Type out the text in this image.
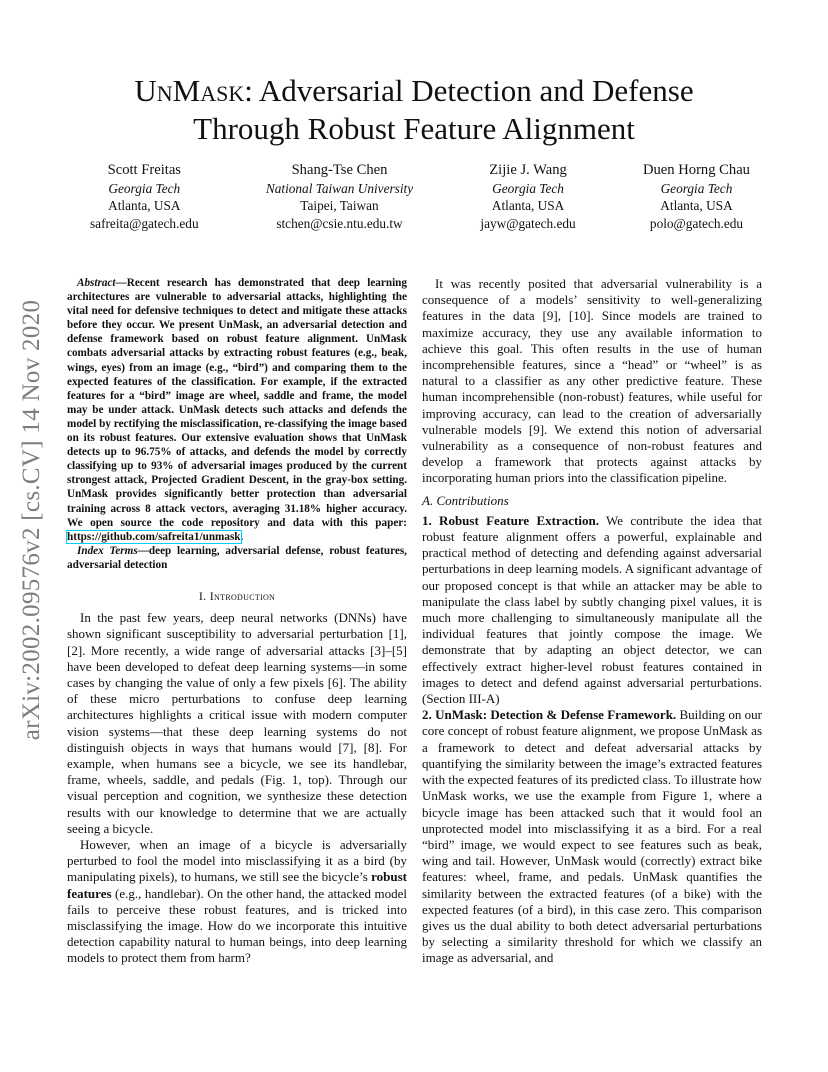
arXiv:2002.09576v2 [cs.CV] 14 Nov 2020
UnMask: Adversarial Detection and Defense
Through Robust Feature Alignment
Scott Freitas
Georgia Tech
Atlanta, USA
safreita@gatech.edu
Shang-Tse Chen
National Taiwan University
Taipei, Taiwan
stchen@csie.ntu.edu.tw
Zijie J. Wang
Georgia Tech
Atlanta, USA
jayw@gatech.edu
Duen Horng Chau
Georgia Tech
Atlanta, USA
polo@gatech.edu

Abstract—Recent research has demonstrated that deep learning architectures are vulnerable to adversarial attacks, highlighting the vital need for defensive techniques to detect and mitigate these attacks before they occur. We present UnMask, an adversarial detection and defense framework based on robust feature alignment. UnMask combats adversarial attacks by extracting robust features (e.g., beak, wings, eyes) from an image (e.g., “bird”) and comparing them to the expected features of the classification. For example, if the extracted features for a “bird” image are wheel, saddle and frame, the model may be under attack. UnMask detects such attacks and defends the model by rectifying the misclassification, re-classifying the image based on its robust features. Our extensive evaluation shows that UnMask detects up to 96.75% of attacks, and defends the model by correctly classifying up to 93% of adversarial images produced by the current strongest attack, Projected Gradient Descent, in the gray-box setting. UnMask provides significantly better protection than adversarial training across 8 attack vectors, averaging 31.18% higher accuracy. We open source the code repository and data with this paper: https://github.com/safreita1/unmask.

Index Terms—deep learning, adversarial defense, robust features, adversarial detection

I. Introduction

In the past few years, deep neural networks (DNNs) have shown significant susceptibility to adversarial perturbation [1], [2]. More recently, a wide range of adversarial attacks [3]–[5] have been developed to defeat deep learning systems—in some cases by changing the value of only a few pixels [6]. The ability of these micro perturbations to confuse deep learning architectures highlights a critical issue with modern computer vision systems—that these deep learning systems do not distinguish objects in ways that humans would [7], [8]. For example, when humans see a bicycle, we see its handlebar, frame, wheels, saddle, and pedals (Fig. 1, top). Through our visual perception and cognition, we synthesize these detection results with our knowledge to determine that we are actually seeing a bicycle.

However, when an image of a bicycle is adversarially perturbed to fool the model into misclassifying it as a bird (by manipulating pixels), to humans, we still see the bicycle’s robust features (e.g., handlebar). On the other hand, the attacked model fails to perceive these robust features, and is tricked into misclassifying the image. How do we incorporate this intuitive detection capability natural to human beings, into deep learning models to protect them from harm?

It was recently posited that adversarial vulnerability is a consequence of a models’ sensitivity to well-generalizing features in the data [9], [10]. Since models are trained to maximize accuracy, they use any available information to achieve this goal. This often results in the use of human incomprehensible features, since a “head” or “wheel” is as natural to a classifier as any other predictive feature. These human incomprehensible (non-robust) features, while useful for improving accuracy, can lead to the creation of adversarially vulnerable models [9]. We extend this notion of adversarial vulnerability as a consequence of non-robust features and develop a framework that protects against attacks by incorporating human priors into the classification pipeline.

A. Contributions

1. Robust Feature Extraction. We contribute the idea that robust feature alignment offers a powerful, explainable and practical method of detecting and defending against adversarial perturbations in deep learning models. A significant advantage of our proposed concept is that while an attacker may be able to manipulate the class label by subtly changing pixel values, it is much more challenging to simultaneously manipulate all the individual features that jointly compose the image. We demonstrate that by adapting an object detector, we can effectively extract higher-level robust features contained in images to detect and defend against adversarial perturbations. (Section III-A)

2. UnMask: Detection & Defense Framework. Building on our core concept of robust feature alignment, we propose UnMask as a framework to detect and defeat adversarial attacks by quantifying the similarity between the image’s extracted features with the expected features of its predicted class. To illustrate how UnMask works, we use the example from Figure 1, where a bicycle image has been attacked such that it would fool an unprotected model into misclassifying it as a bird. For a real “bird” image, we would expect to see features such as beak, wing and tail. However, UnMask would (correctly) extract bike features: wheel, frame, and pedals. UnMask quantifies the similarity between the extracted features (of a bike) with the expected features (of a bird), in this case zero. This comparison gives us the dual ability to both detect adversarial perturbations by selecting a similarity threshold for which we classify an image as adversarial, and
